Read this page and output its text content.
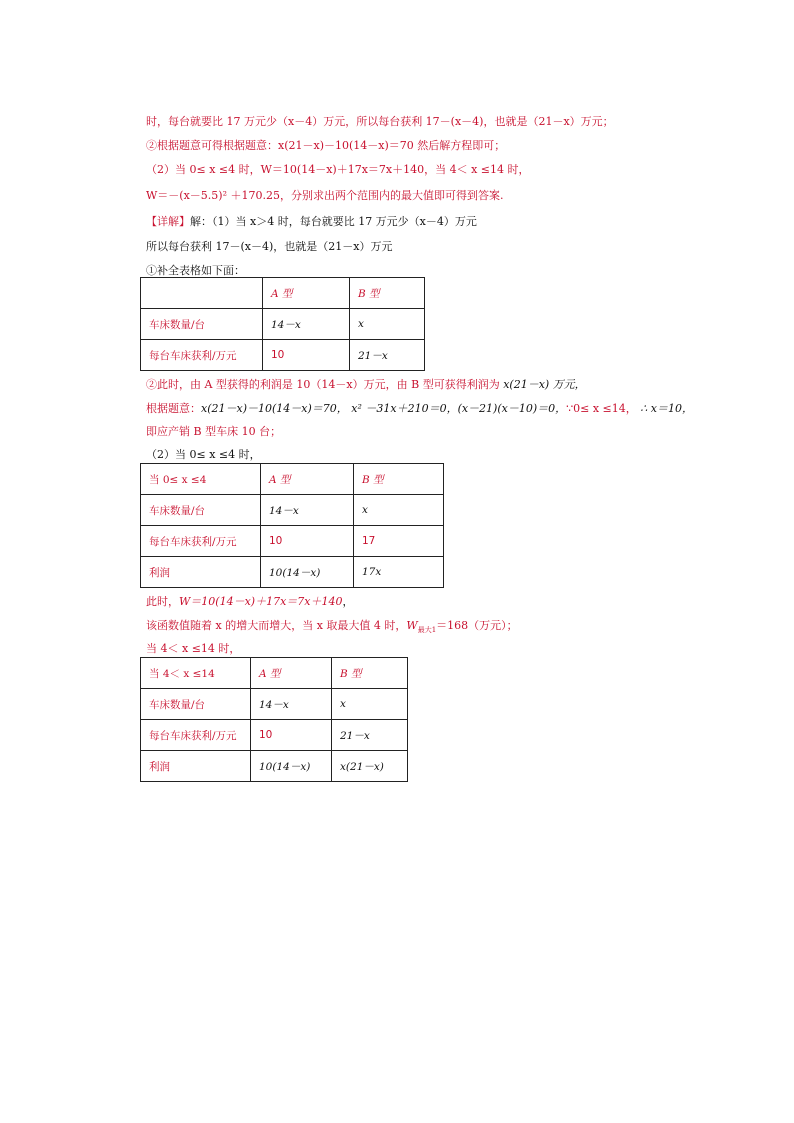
时，每台就要比 17 万元少（x－4）万元，所以每台获利 17－(x－4)，也就是（21－x）万元；
②根据题意可得根据题意：x(21－x)－10(14－x)＝70 然后解方程即可；
（2）当 0≤ x ≤4 时，W＝10(14－x)＋17x＝7x＋140，当 4＜ x ≤14 时，
W＝－(x－5.5)² ＋170.25，分别求出两个范围内的最大值即可得到答案.
【详解】解：（1）当 x＞4 时，每台就要比 17 万元少（x－4）万元
所以每台获利 17－(x－4)，也就是（21－x）万元
①补全表格如下面：
	A 型	B 型
车床数量/台	14－x	x
每台车床获利/万元	10	21－x
②此时，由 A 型获得的利润是 10（14－x）万元，由 B 型可获得利润为 x(21－x) 万元，
根据题意：x(21－x)－10(14－x)＝70， x² －31x＋210＝0，(x－21)(x－10)＝0，∵0≤ x ≤14， ∴ x＝10，
即应产销 B 型车床 10 台；
（2）当 0≤ x ≤4 时，
当 0≤ x ≤4	A 型	B 型
车床数量/台	14－x	x
每台车床获利/万元	10	17
利润	10(14－x)	17x
此时，W＝10(14－x)＋17x＝7x＋140，
该函数值随着 x 的增大而增大，当 x 取最大值 4 时，$W_{最大1}=168$（万元）；
当 4＜ x ≤14 时，
当 4＜ x ≤14	A 型	B 型
车床数量/台	14－x	x
每台车床获利/万元	10	21－x
利润	10(14－x)	x(21－x)
